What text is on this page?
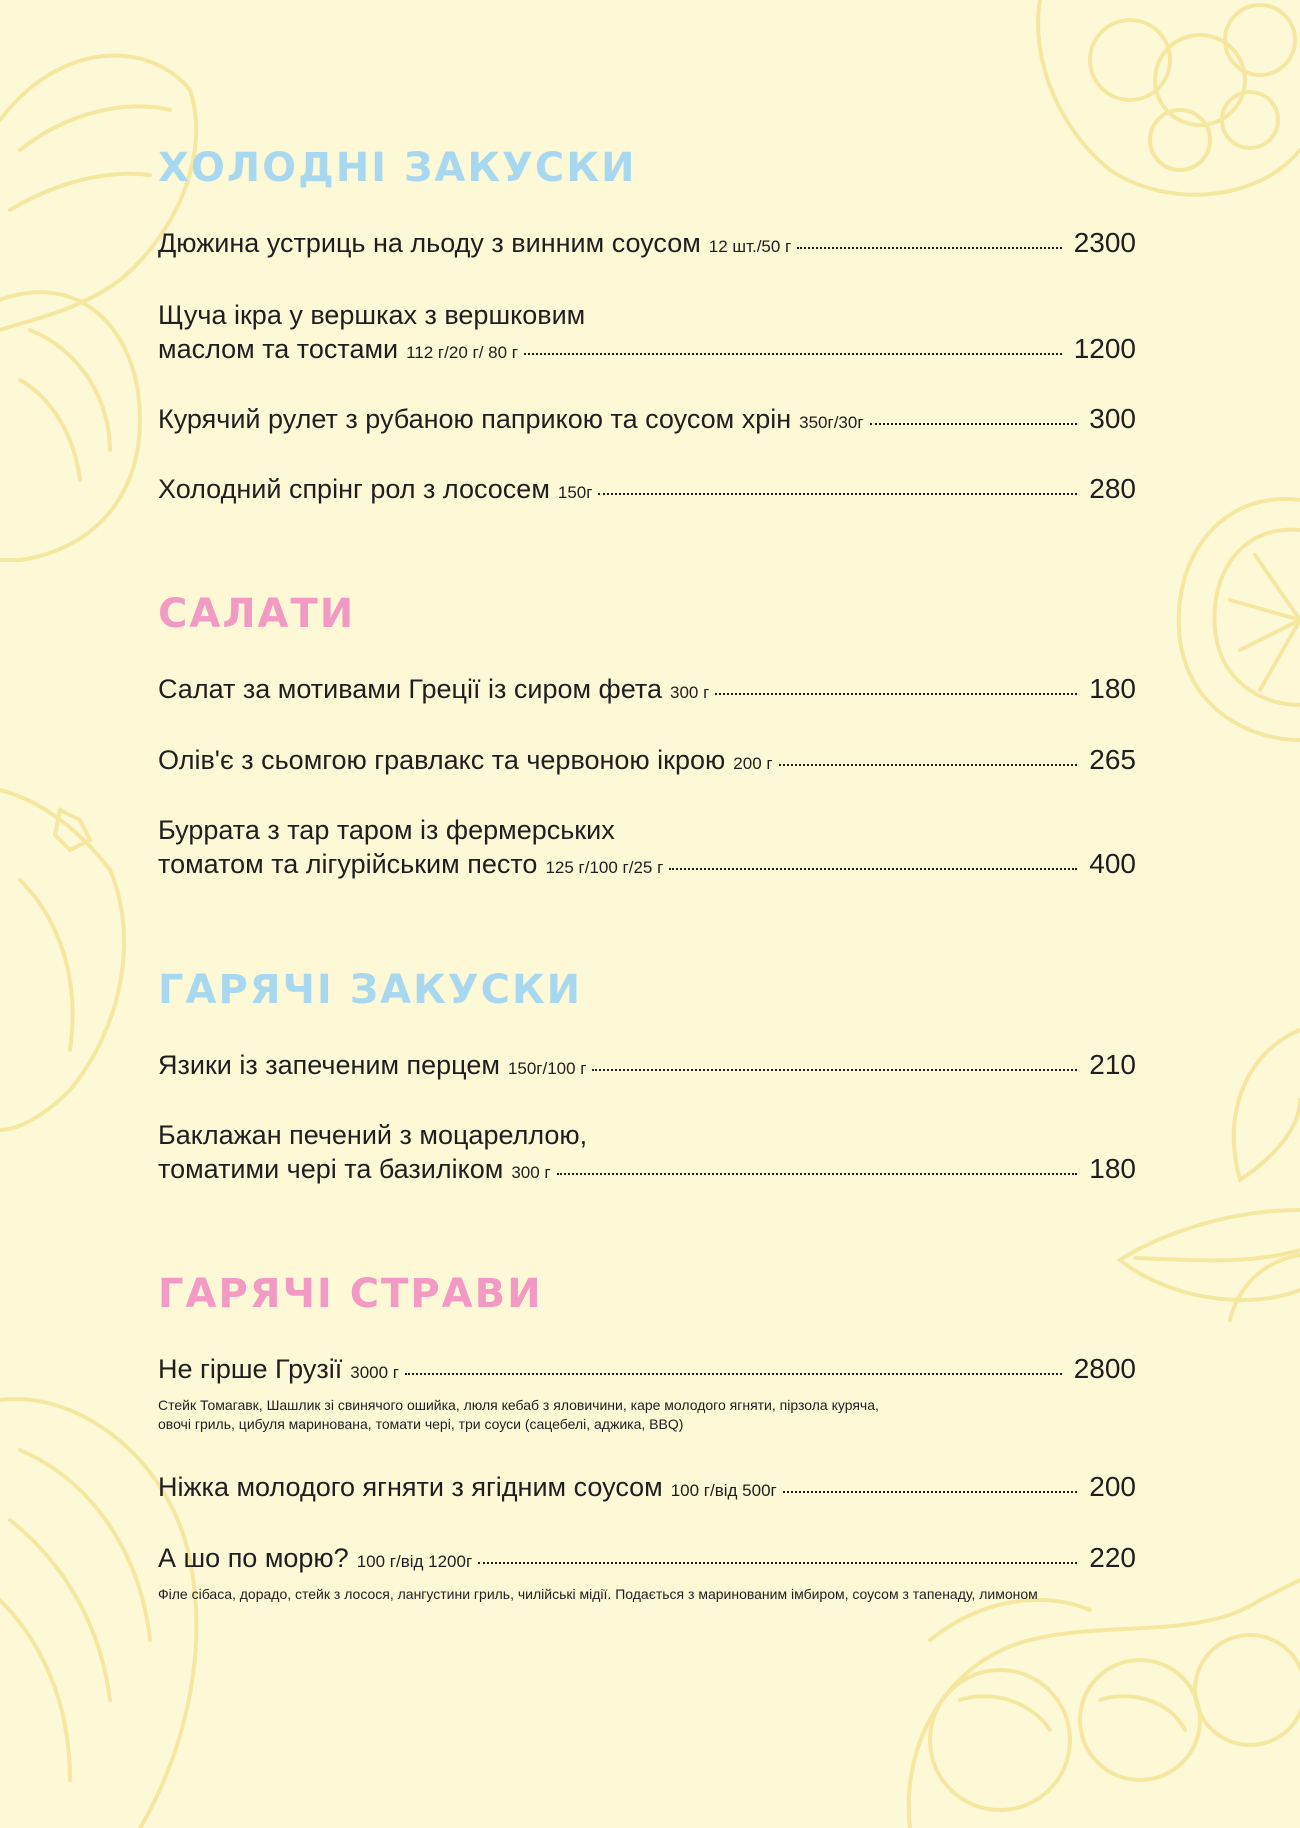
ХОЛОДНІ ЗАКУСКИ
Дюжина устриць на льоду з винним соусом 12 шт./50 г	2300
Щуча ікра у вершках з вершковим
маслом та тостами 112 г/20 г/ 80 г	1200
Курячий рулет з рубаною паприкою та соусом хрін 350г/30г	300
Холодний спрінг рол з лососем 150г	280
САЛАТИ
Салат за мотивами Греції із сиром фета 300 г	180
Олів'є з сьомгою гравлакс та червоною ікрою 200 г	265
Буррата з тар таром із фермерських
томатом та лігурійським песто 125 г/100 г/25 г	400
ГАРЯЧІ ЗАКУСКИ
Язики із запеченим перцем 150г/100 г	210
Баклажан печений з моцареллою,
томатими чері та базиліком 300 г	180
ГАРЯЧІ СТРАВИ
Не гірше Грузії 3000 г	2800
Стейк Томагавк, Шашлик зі свинячого ошийка, люля кебаб з яловичини, каре молодого ягняти, пірзола куряча,
овочі гриль, цибуля маринована, томати чері, три соуси (сацебелі, аджика, BBQ)
Ніжка молодого ягняти з ягідним соусом 100 г/від 500г	200
А шо по морю? 100 г/від 1200г	220
Філе сібаса, дорадо, стейк з лосося, лангустини гриль, чилійські мідії. Подається з маринованим імбиром, соусом з тапенаду, лимоном
